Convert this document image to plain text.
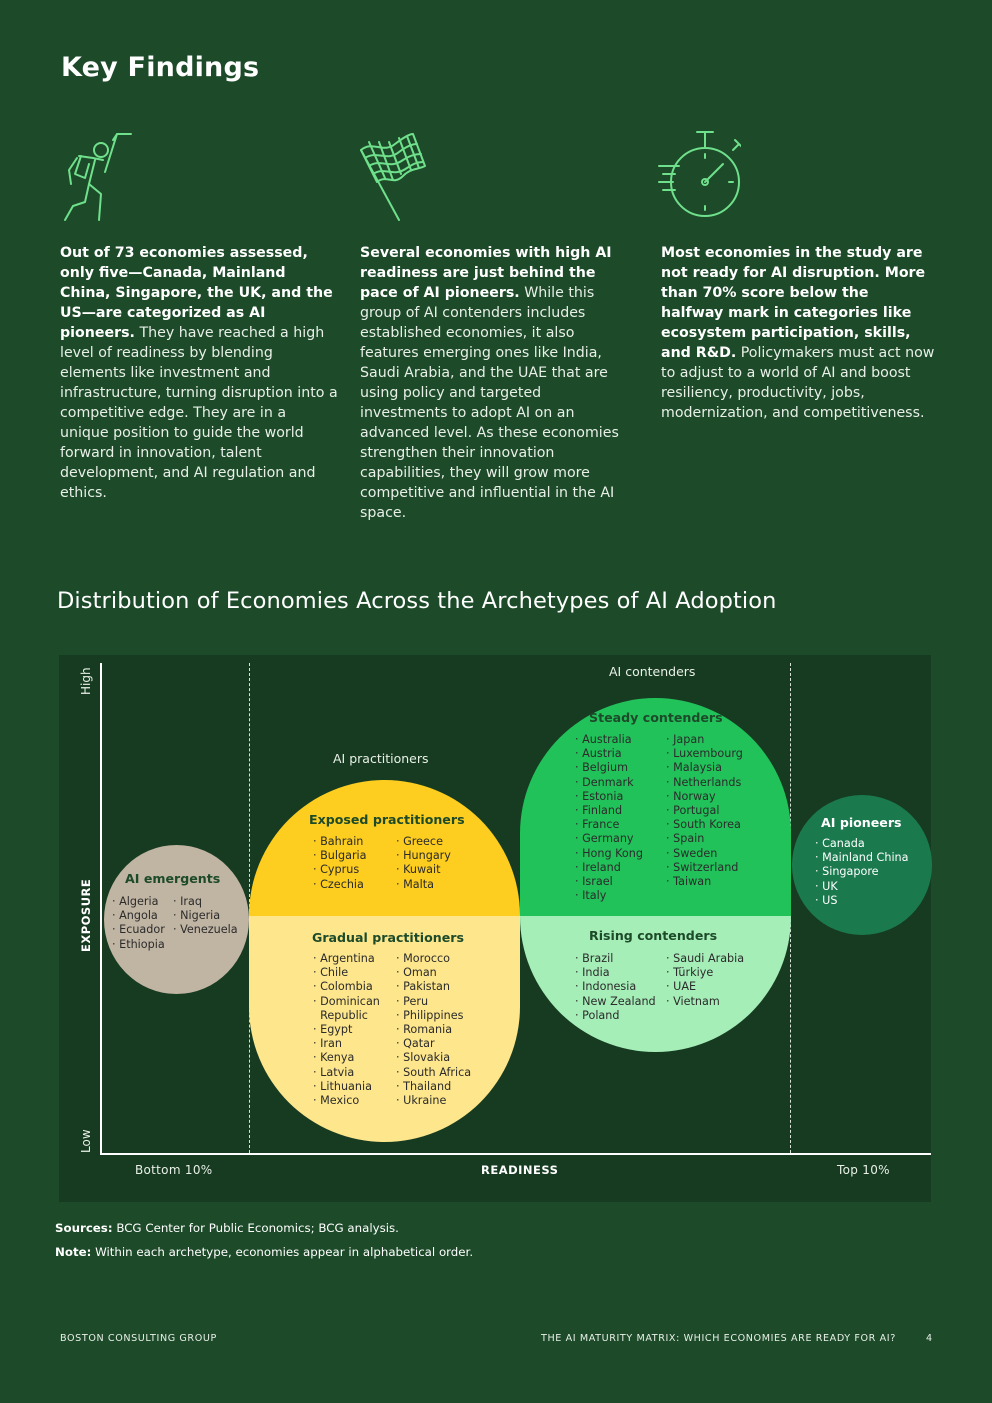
Key Findings
Out of 73 economies assessed, only five—Canada, Mainland China, Singapore, the UK, and the US—are categorized as AI pioneers. They have reached a high level of readiness by blending elements like investment and infrastructure, turning disruption into a competitive edge. They are in a unique position to guide the world forward in innovation, talent development, and AI regulation and ethics.
Several economies with high AI readiness are just behind the pace of AI pioneers. While this group of AI contenders includes established economies, it also features emerging ones like India, Saudi Arabia, and the UAE that are using policy and targeted investments to adopt AI on an advanced level. As these economies strengthen their innovation capabilities, they will grow more competitive and influential in the AI space.
Most economies in the study are not ready for AI disruption. More than 70% score below the halfway mark in categories like ecosystem participation, skills, and R&D. Policymakers must act now to adjust to a world of AI and boost resiliency, productivity, jobs, modernization, and competitiveness.
Distribution of Economies Across the Archetypes of AI Adoption
High
Low
EXPOSURE
Bottom 10%	READINESS	Top 10%
AI practitioners
AI contenders
AI emergents
· Algeria
· Angola
· Ecuador
· Ethiopia
· Iraq
· Nigeria
· Venezuela
Exposed practitioners
· Bahrain
· Bulgaria
· Cyprus
· Czechia
· Greece
· Hungary
· Kuwait
· Malta
Gradual practitioners
· Argentina
· Chile
· Colombia
· Dominican
Republic
· Egypt
· Iran
· Kenya
· Latvia
· Lithuania
· Mexico
· Morocco
· Oman
· Pakistan
· Peru
· Philippines
· Romania
· Qatar
· Slovakia
· South Africa
· Thailand
· Ukraine
Steady contenders
· Australia
· Austria
· Belgium
· Denmark
· Estonia
· Finland
· France
· Germany
· Hong Kong
· Ireland
· Israel
· Italy
· Japan
· Luxembourg
· Malaysia
· Netherlands
· Norway
· Portugal
· South Korea
· Spain
· Sweden
· Switzerland
· Taiwan
Rising contenders
· Brazil
· India
· Indonesia
· New Zealand
· Poland
· Saudi Arabia
· Türkiye
· UAE
· Vietnam
AI pioneers
· Canada
· Mainland China
· Singapore
· UK
· US
Sources: BCG Center for Public Economics; BCG analysis.
Note: Within each archetype, economies appear in alphabetical order.
BOSTON CONSULTING GROUP	THE AI MATURITY MATRIX: WHICH ECONOMIES ARE READY FOR AI?	4
